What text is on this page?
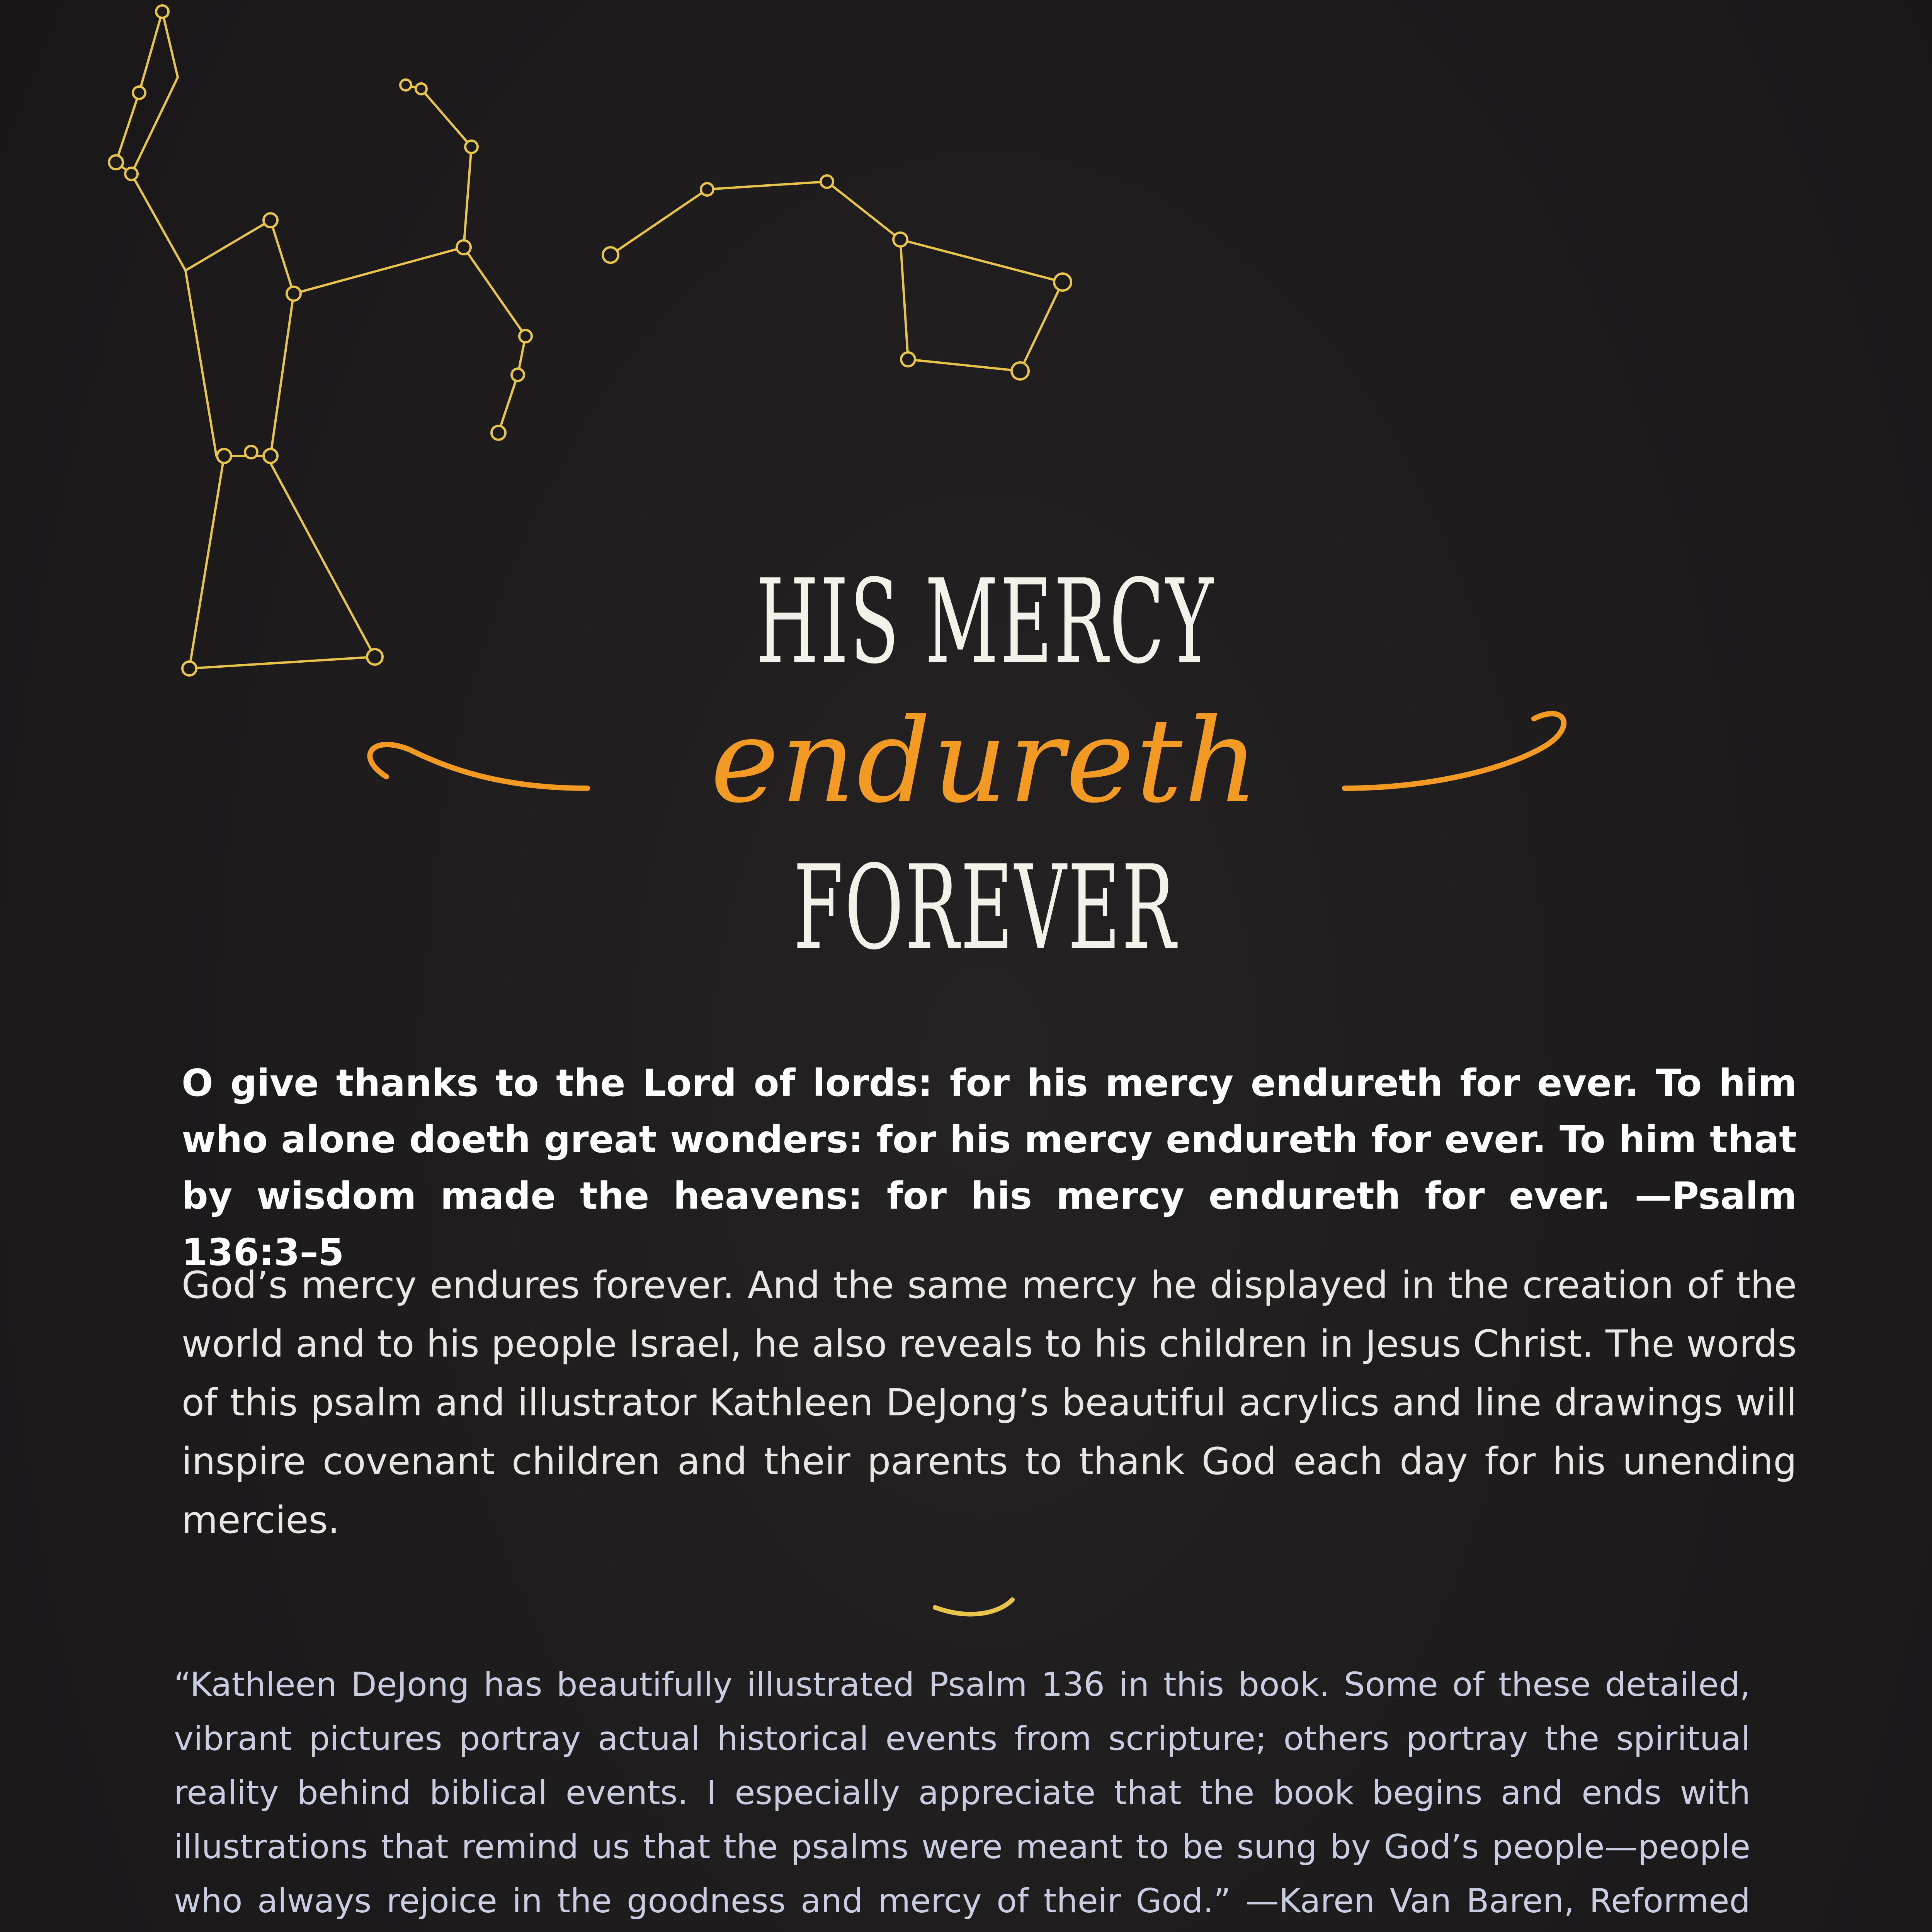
HIS MERCY
endureth
FOREVER
O give thanks to the Lord of lords: for his mercy endureth for ever. To him who alone doeth great wonders: for his mercy endureth for ever. To him that by wisdom made the heavens: for his mercy endureth for ever. —Psalm 136:3–5
God’s mercy endures forever. And the same mercy he displayed in the creation of the world and to his people Israel, he also reveals to his children in Jesus Christ. The words of this psalm and illustrator Kathleen DeJong’s beautiful acrylics and line drawings will inspire covenant children and their parents to thank God each day for his unending mercies.
“Kathleen DeJong has beautifully illustrated Psalm 136 in this book. Some of these detailed, vibrant pictures portray actual historical events from scripture; others portray the spiritual reality behind biblical events. I especially appreciate that the book begins and ends with illustrations that remind us that the psalms were meant to be sung by God’s people—people who always rejoice in the goodness and mercy of their God.” —Karen Van Baren, Reformed
